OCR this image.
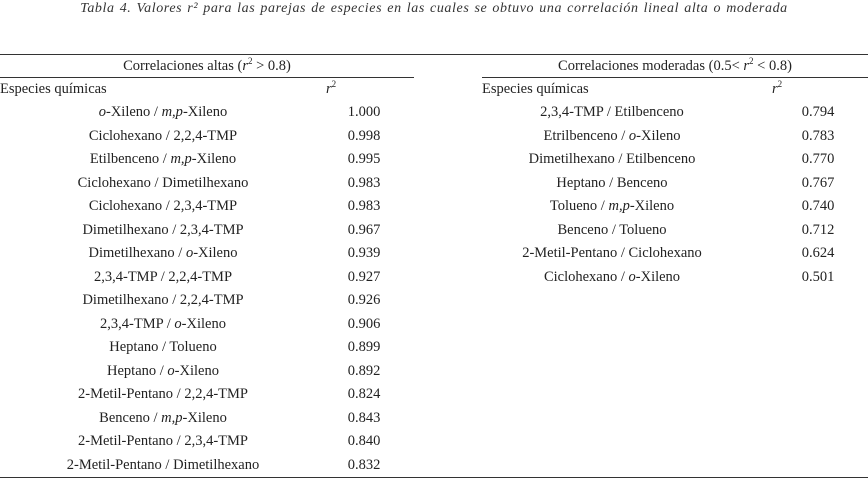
Tabla 4. Valores r² para las parejas de especies en las cuales se obtuvo una correlación lineal alta o moderada
Correlaciones altas $(r^2 > 0.8)$
Especies químicas	$r^2$
o-Xileno / m,p-Xileno	1.000
Ciclohexano / 2,2,4-TMP	0.998
Etilbenceno / m,p-Xileno	0.995
Ciclohexano / Dimetilhexano	0.983
Ciclohexano / 2,3,4-TMP	0.983
Dimetilhexano / 2,3,4-TMP	0.967
Dimetilhexano / o-Xileno	0.939
2,3,4-TMP / 2,2,4-TMP	0.927
Dimetilhexano / 2,2,4-TMP	0.926
2,3,4-TMP / o-Xileno	0.906
Heptano / Tolueno	0.899
Heptano / o-Xileno	0.892
2-Metil-Pentano / 2,2,4-TMP	0.824
Benceno / m,p-Xileno	0.843
2-Metil-Pentano / 2,3,4-TMP	0.840
2-Metil-Pentano / Dimetilhexano	0.832
Correlaciones moderadas $(0.5< r^2 < 0.8)$
Especies químicas	$r^2$
2,3,4-TMP / Etilbenceno	0.794
Etrilbenceno / o-Xileno	0.783
Dimetilhexano / Etilbenceno	0.770
Heptano / Benceno	0.767
Tolueno / m,p-Xileno	0.740
Benceno / Tolueno	0.712
2-Metil-Pentano / Ciclohexano	0.624
Ciclohexano / o-Xileno	0.501
